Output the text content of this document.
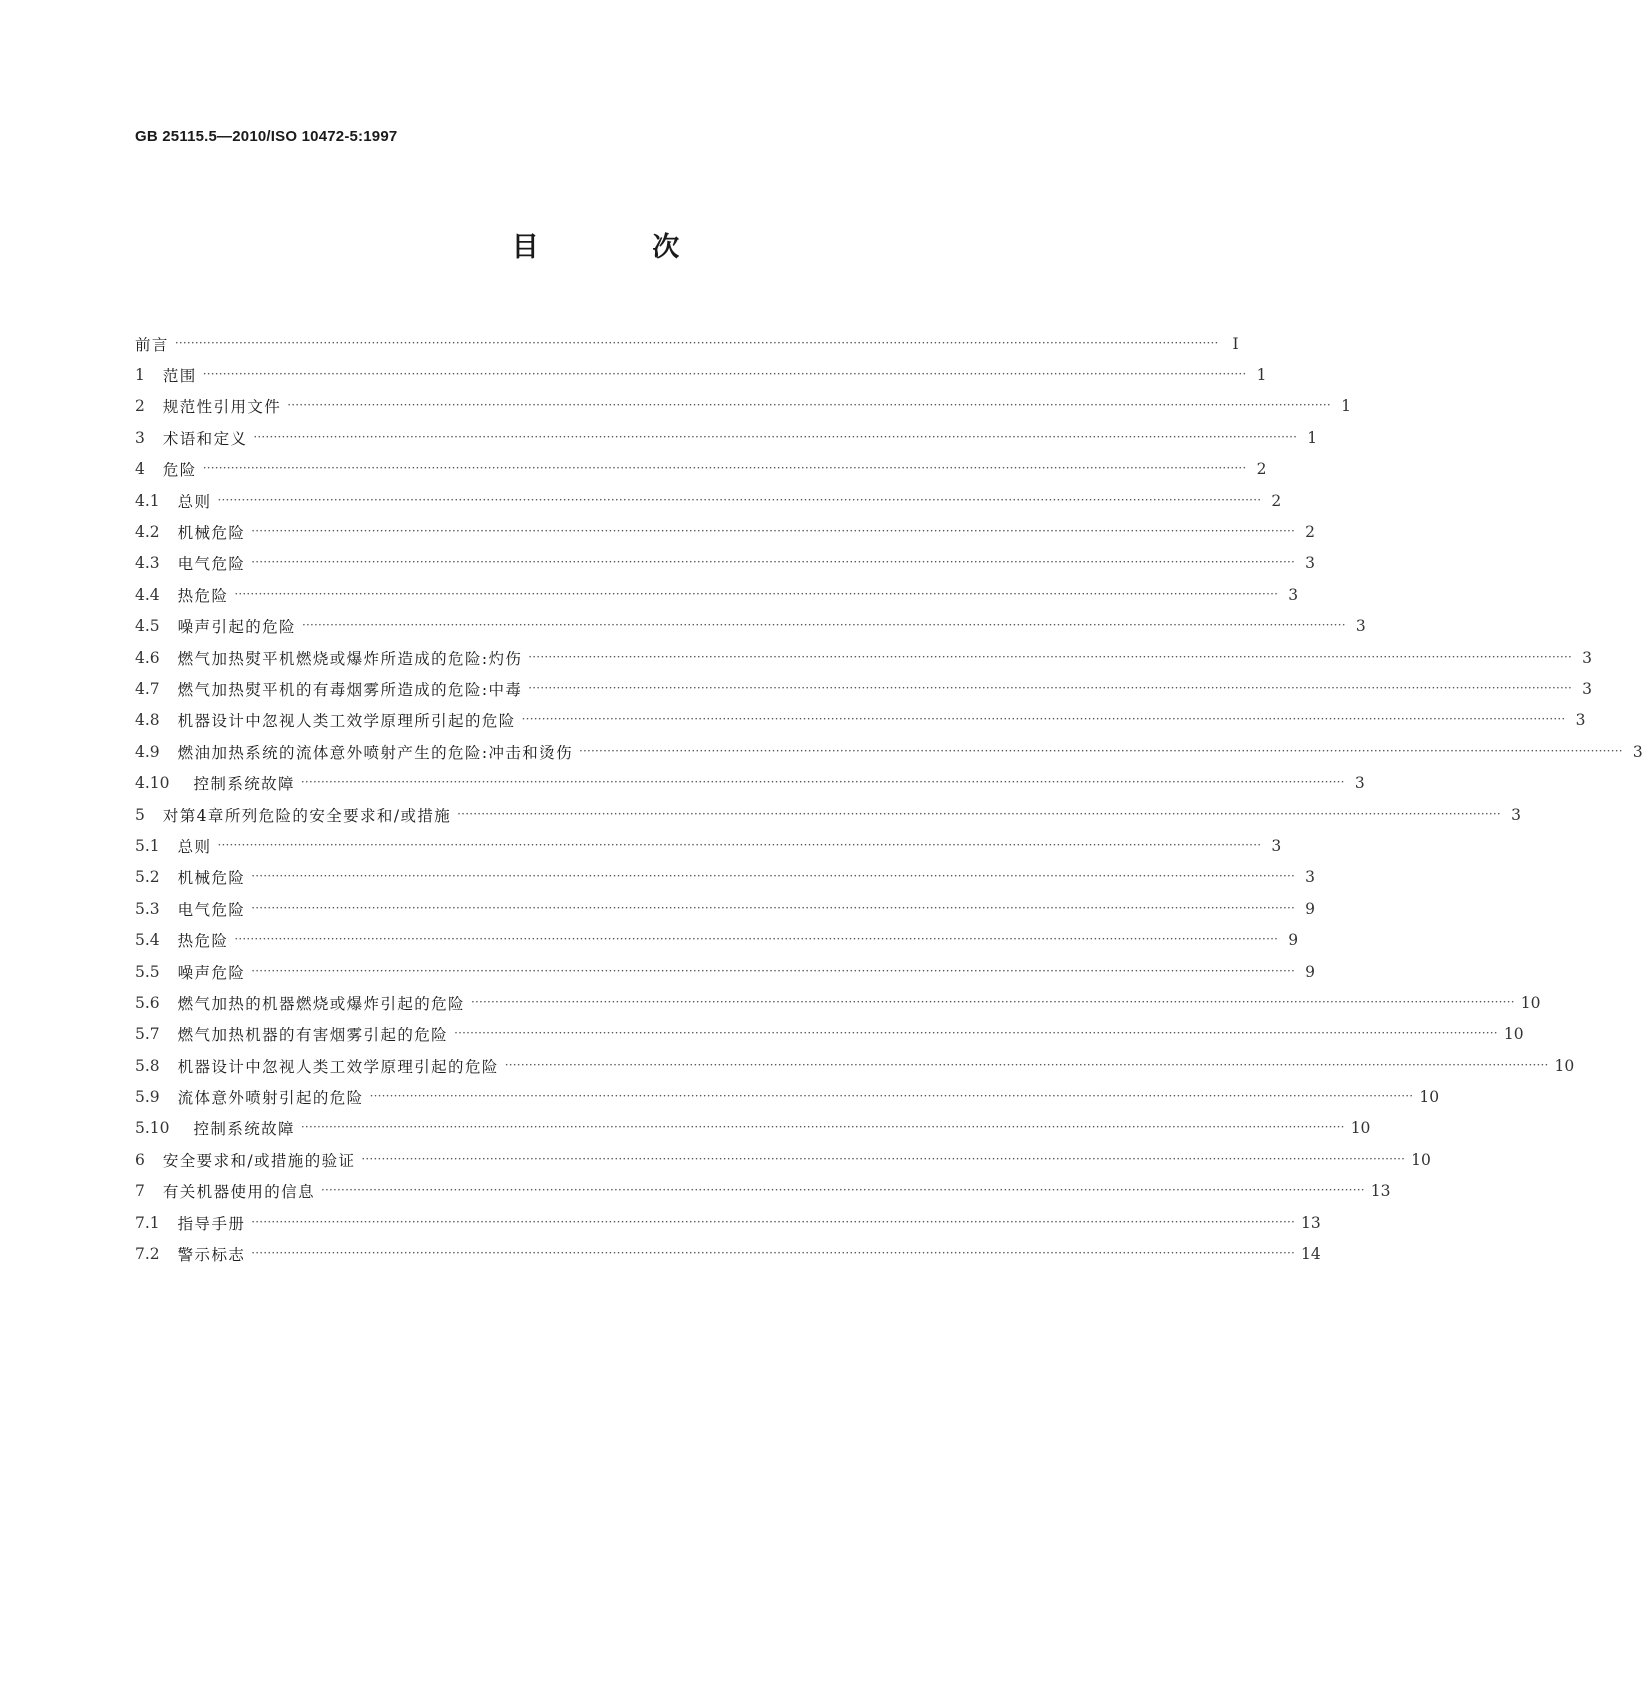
GB 25115.5—2010/ISO 10472-5:1997
目 次
前言 ···································································································································································································································································· Ⅰ
1 范围 ···································································································································································································································································· 1
2 规范性引用文件 ···································································································································································································································································· 1
3 术语和定义 ···································································································································································································································································· 1
4 危险 ···································································································································································································································································· 2
4.1 总则 ···································································································································································································································································· 2
4.2 机械危险 ···································································································································································································································································· 2
4.3 电气危险 ···································································································································································································································································· 3
4.4 热危险 ···································································································································································································································································· 3
4.5 噪声引起的危险 ···································································································································································································································································· 3
4.6 燃气加热熨平机燃烧或爆炸所造成的危险:灼伤 ···································································································································································································································································· 3
4.7 燃气加热熨平机的有毒烟雾所造成的危险:中毒 ···································································································································································································································································· 3
4.8 机器设计中忽视人类工效学原理所引起的危险 ···································································································································································································································································· 3
4.9 燃油加热系统的流体意外喷射产生的危险:冲击和烫伤 ···································································································································································································································································· 3
4.10 控制系统故障 ···································································································································································································································································· 3
5 对第4章所列危险的安全要求和/或措施 ···································································································································································································································································· 3
5.1 总则 ···································································································································································································································································· 3
5.2 机械危险 ···································································································································································································································································· 3
5.3 电气危险 ···································································································································································································································································· 9
5.4 热危险 ···································································································································································································································································· 9
5.5 噪声危险 ···································································································································································································································································· 9
5.6 燃气加热的机器燃烧或爆炸引起的危险 ···································································································································································································································································· 10
5.7 燃气加热机器的有害烟雾引起的危险 ···································································································································································································································································· 10
5.8 机器设计中忽视人类工效学原理引起的危险 ···································································································································································································································································· 10
5.9 流体意外喷射引起的危险 ···································································································································································································································································· 10
5.10 控制系统故障 ···································································································································································································································································· 10
6 安全要求和/或措施的验证 ···································································································································································································································································· 10
7 有关机器使用的信息 ···································································································································································································································································· 13
7.1 指导手册 ···································································································································································································································································· 13
7.2 警示标志 ···································································································································································································································································· 14
